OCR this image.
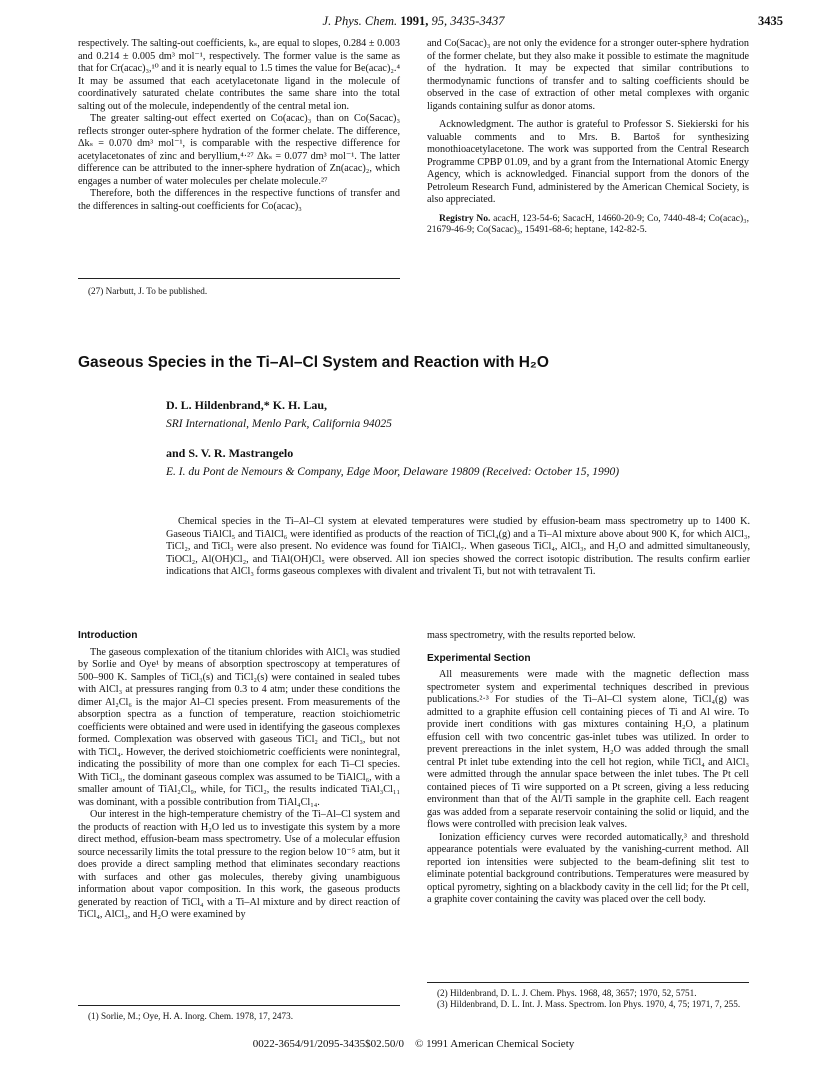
J. Phys. Chem. 1991, 95, 3435-3437	3435

respectively. The salting-out coefficients, kₛ, are equal to slopes, 0.284 ± 0.003 and 0.214 ± 0.005 dm³ mol⁻¹, respectively. The former value is the same as that for Cr(acac)₃,¹⁰ and it is nearly equal to 1.5 times the value for Be(acac)₂.⁴ It may be assumed that each acetylacetonate ligand in the molecule of coordinatively saturated chelate contributes the same share into the total salting out of the molecule, independently of the central metal ion.

The greater salting-out effect exerted on Co(acac)₃ than on Co(Sacac)₃ reflects stronger outer-sphere hydration of the former chelate. The difference, Δkₛ = 0.070 dm³ mol⁻¹, is comparable with the respective difference for acetylacetonates of zinc and beryllium,⁴·²⁷ Δkₛ = 0.077 dm³ mol⁻¹. The latter difference can be attributed to the inner-sphere hydration of Zn(acac)₂, which engages a number of water molecules per chelate molecule.²⁷

Therefore, both the differences in the respective functions of transfer and the differences in salting-out coefficients for Co(acac)₃

(27) Narbutt, J. To be published.

and Co(Sacac)₃ are not only the evidence for a stronger outer-sphere hydration of the former chelate, but they also make it possible to estimate the magnitude of the hydration. It may be expected that similar contributions to thermodynamic functions of transfer and to salting coefficients should be observed in the case of extraction of other metal complexes with organic ligands containing sulfur as donor atoms.

Acknowledgment. The author is grateful to Professor S. Siekierski for his valuable comments and to Mrs. B. Bartoš for synthesizing monothioacetylacetone. The work was supported from the Central Research Programme CPBP 01.09, and by a grant from the International Atomic Energy Agency, which is acknowledged. Financial support from the donors of the Petroleum Research Fund, administered by the American Chemical Society, is also appreciated.

Registry No. acacH, 123-54-6; SacacH, 14660-20-9; Co, 7440-48-4; Co(acac)₃, 21679-46-9; Co(Sacac)₃, 15491-68-6; heptane, 142-82-5.

Gaseous Species in the Ti–Al–Cl System and Reaction with H₂O
D. L. Hildenbrand,* K. H. Lau,
SRI International, Menlo Park, California 94025
and S. V. R. Mastrangelo
E. I. du Pont de Nemours & Company, Edge Moor, Delaware 19809 (Received: October 15, 1990)

Chemical species in the Ti–Al–Cl system at elevated temperatures were studied by effusion-beam mass spectrometry up to 1400 K. Gaseous TiAlCl₅ and TiAlCl₆ were identified as products of the reaction of TiCl₄(g) and a Ti–Al mixture above about 900 K, for which AlCl₃, TiCl₂, and TiCl₃ were also present. No evidence was found for TiAlCl₇. When gaseous TiCl₄, AlCl₃, and H₂O and admitted simultaneously, TiOCl₂, Al(OH)Cl₂, and TiAl(OH)Cl₅ were observed. All ion species showed the correct isotopic distribution. The results confirm earlier indications that AlCl₃ forms gaseous complexes with divalent and trivalent Ti, but not with tetravalent Ti.

Introduction

The gaseous complexation of the titanium chlorides with AlCl₃ was studied by Sorlie and Oye¹ by means of absorption spectroscopy at temperatures of 500–900 K. Samples of TiCl₃(s) and TiCl₂(s) were contained in sealed tubes with AlCl₃ at pressures ranging from 0.3 to 4 atm; under these conditions the dimer Al₂Cl₆ is the major Al–Cl species present. From measurements of the absorption spectra as a function of temperature, reaction stoichiometric coefficients were obtained and were used in identifying the gaseous complexes formed. Complexation was observed with gaseous TiCl₂ and TiCl₃, but not with TiCl₄. However, the derived stoichiometric coefficients were nonintegral, indicating the possibility of more than one complex for each Ti–Cl species. With TiCl₃, the dominant gaseous complex was assumed to be TiAlCl₆, with a smaller amount of TiAl₂Cl₉, while, for TiCl₂, the results indicated TiAl₃Cl₁₁ was dominant, with a possible contribution from TiAl₄Cl₁₄.

Our interest in the high-temperature chemistry of the Ti–Al–Cl system and the products of reaction with H₂O led us to investigate this system by a more direct method, effusion-beam mass spectrometry. Use of a molecular effusion source necessarily limits the total pressure to the region below 10⁻⁵ atm, but it does provide a direct sampling method that eliminates secondary reactions with surfaces and other gas molecules, thereby giving unambiguous information about vapor composition. In this work, the gaseous products generated by reaction of TiCl₄ with a Ti–Al mixture and by direct reaction of TiCl₄, AlCl₃, and H₂O were examined by

(1) Sorlie, M.; Oye, H. A. Inorg. Chem. 1978, 17, 2473.

mass spectrometry, with the results reported below.

Experimental Section

All measurements were made with the magnetic deflection mass spectrometer system and experimental techniques described in previous publications.²·³ For studies of the Ti–Al–Cl system alone, TiCl₄(g) was admitted to a graphite effusion cell containing pieces of Ti and Al wire. To provide inert conditions with gas mixtures containing H₂O, a platinum effusion cell with two concentric gas-inlet tubes was utilized. In order to prevent prereactions in the inlet system, H₂O was added through the small central Pt inlet tube extending into the cell hot region, while TiCl₄ and AlCl₃ were admitted through the annular space between the inlet tubes. The Pt cell contained pieces of Ti wire supported on a Pt screen, giving a less reducing environment than that of the Al/Ti sample in the graphite cell. Each reagent gas was added from a separate reservoir containing the solid or liquid, and the flows were controlled with precision leak valves.

Ionization efficiency curves were recorded automatically,³ and threshold appearance potentials were evaluated by the vanishing-current method. All reported ion intensities were subjected to the beam-defining slit test to eliminate potential background contributions. Temperatures were measured by optical pyrometry, sighting on a blackbody cavity in the cell lid; for the Pt cell, a graphite cover containing the cavity was placed over the cell body.

(2) Hildenbrand, D. L. J. Chem. Phys. 1968, 48, 3657; 1970, 52, 5751.
(3) Hildenbrand, D. L. Int. J. Mass. Spectrom. Ion Phys. 1970, 4, 75; 1971, 7, 255.
0022-3654/91/2095-3435$02.50/0 © 1991 American Chemical Society
